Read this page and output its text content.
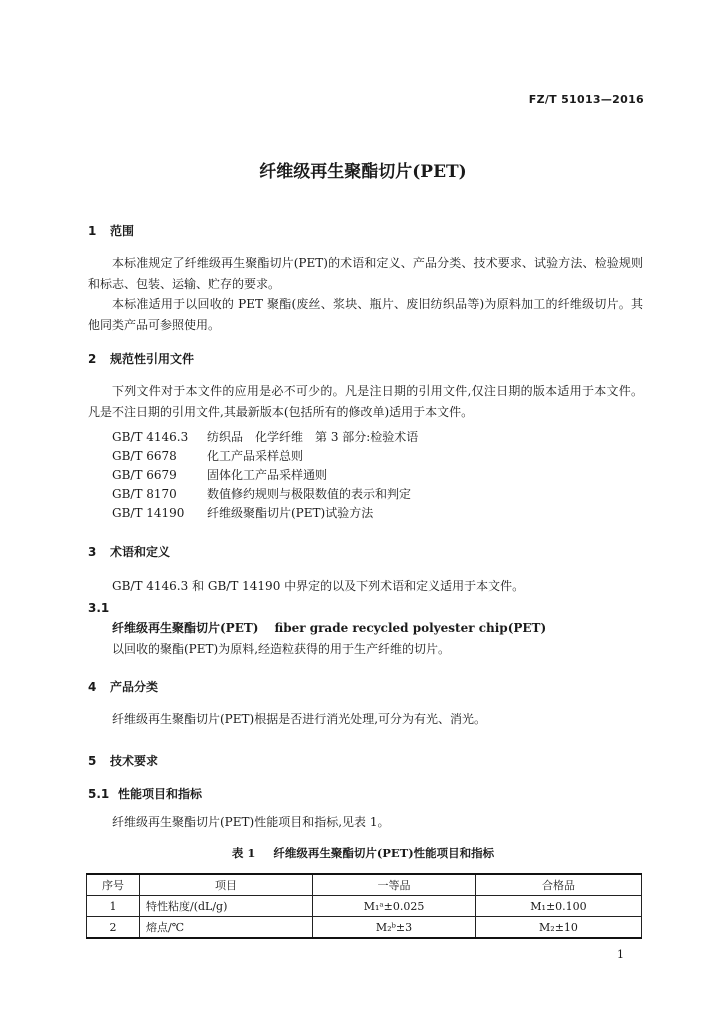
FZ/T 51013—2016
纤维级再生聚酯切片(PET)
1 范围
本标准规定了纤维级再生聚酯切片(PET)的术语和定义、产品分类、技术要求、试验方法、检验规则和标志、包装、运输、贮存的要求。
本标准适用于以回收的 PET 聚酯(废丝、浆块、瓶片、废旧纺织品等)为原料加工的纤维级切片。其他同类产品可参照使用。
2 规范性引用文件
下列文件对于本文件的应用是必不可少的。凡是注日期的引用文件,仅注日期的版本适用于本文件。凡是不注日期的引用文件,其最新版本(包括所有的修改单)适用于本文件。
GB/T 4146.3 纺织品　化学纤维　第 3 部分:检验术语
GB/T 6678	化工产品采样总则
GB/T 6679	固体化工产品采样通则
GB/T 8170	数值修约规则与极限数值的表示和判定
GB/T 14190 纤维级聚酯切片(PET)试验方法
3 术语和定义
GB/T 4146.3 和 GB/T 14190 中界定的以及下列术语和定义适用于本文件。
3.1
纤维级再生聚酯切片(PET) fiber grade recycled polyester chip(PET)
以回收的聚酯(PET)为原料,经造粒获得的用于生产纤维的切片。
4 产品分类
纤维级再生聚酯切片(PET)根据是否进行消光处理,可分为有光、消光。
5 技术要求
5.1 性能项目和指标
纤维级再生聚酯切片(PET)性能项目和指标,见表 1。
表 1 纤维级再生聚酯切片(PET)性能项目和指标
序号	项目	一等品	合格品
1	特性粘度/(dL/g)	M₁ᵃ±0.025	M₁±0.100
2	熔点/℃	M₂ᵇ±3	M₂±10
1
